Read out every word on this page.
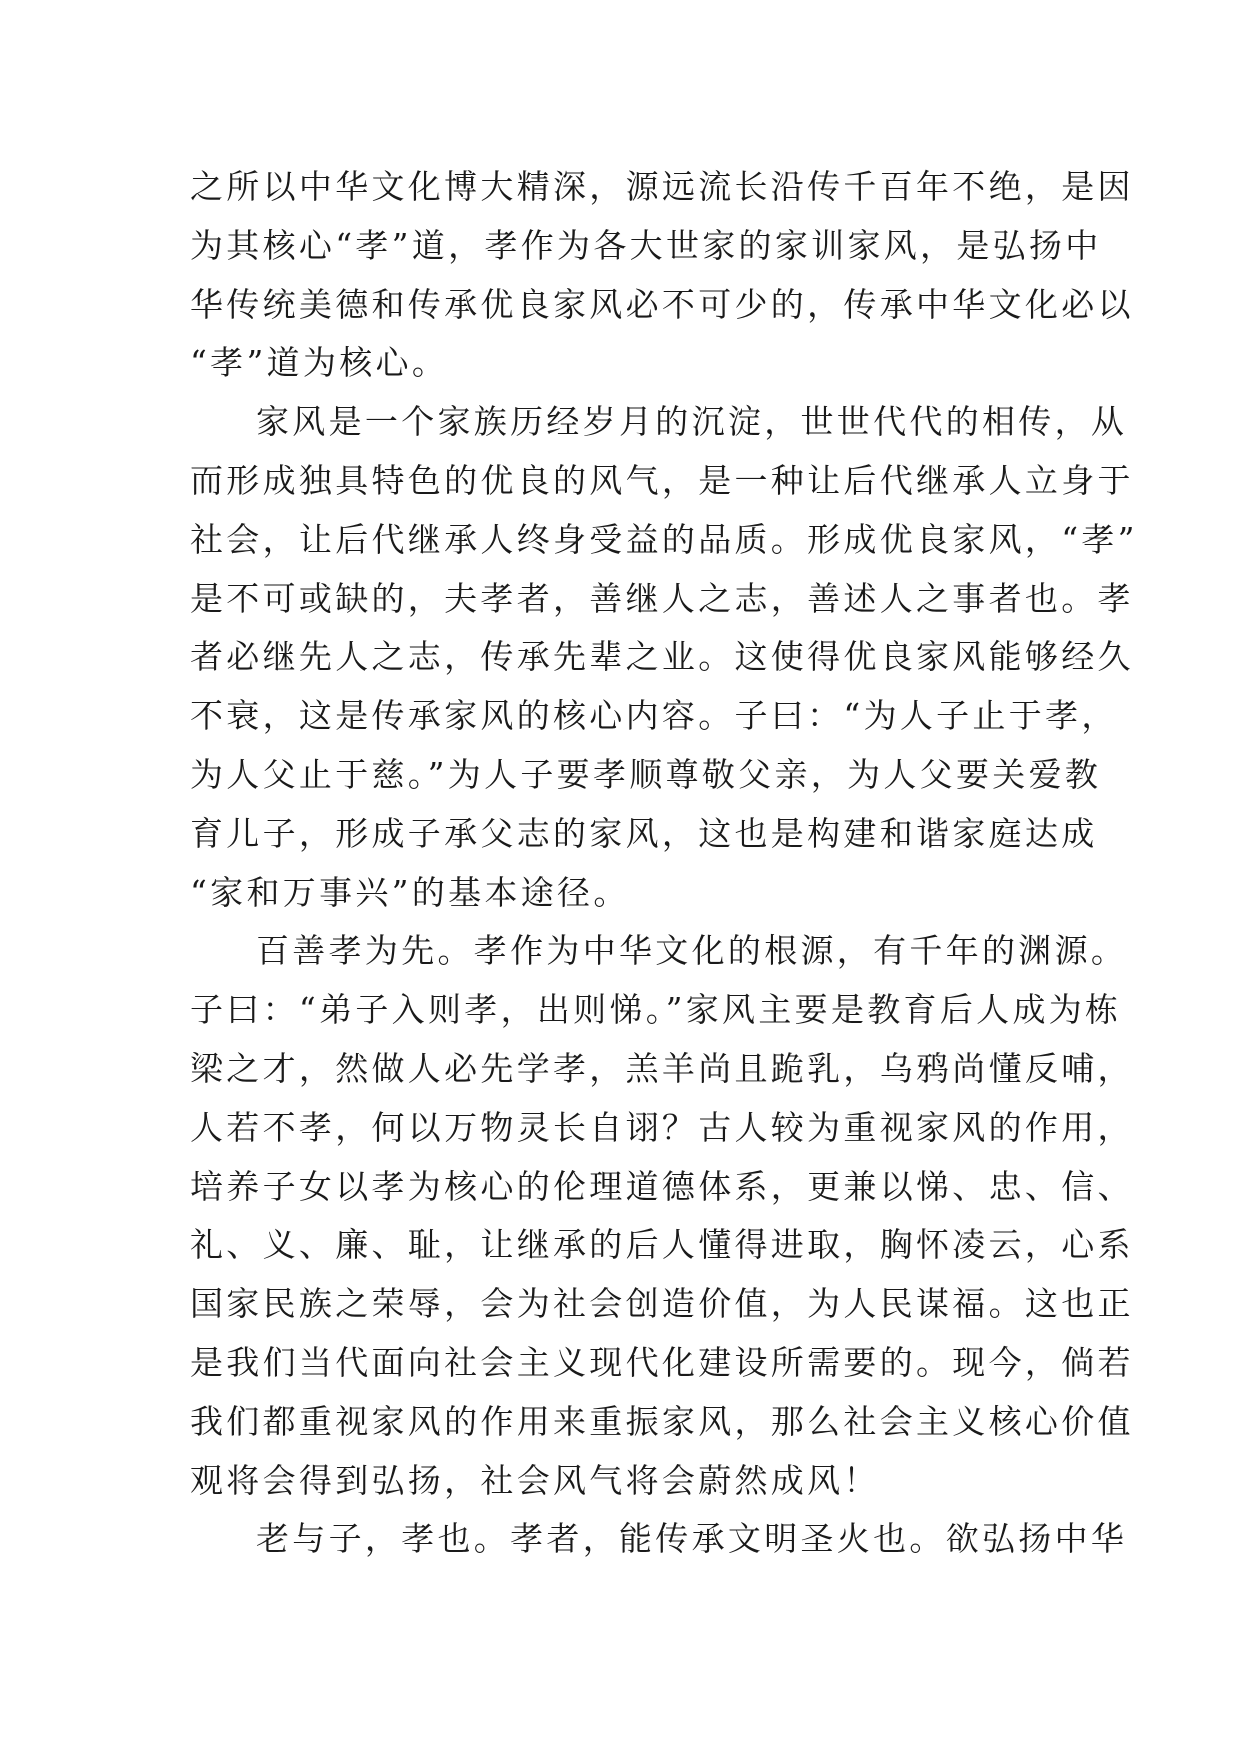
之所以中华文化博大精深，源远流长沿传千百年不绝，是因
为其核心“孝”道，孝作为各大世家的家训家风，是弘扬中
华传统美德和传承优良家风必不可少的，传承中华文化必以
“孝”道为核心。
家风是一个家族历经岁月的沉淀，世世代代的相传，从
而形成独具特色的优良的风气，是一种让后代继承人立身于
社会，让后代继承人终身受益的品质。形成优良家风，“孝”
是不可或缺的，夫孝者，善继人之志，善述人之事者也。孝
者必继先人之志，传承先辈之业。这使得优良家风能够经久
不衰，这是传承家风的核心内容。子曰：“为人子止于孝，
为人父止于慈。”为人子要孝顺尊敬父亲，为人父要关爱教
育儿子，形成子承父志的家风，这也是构建和谐家庭达成
“家和万事兴”的基本途径。
百善孝为先。孝作为中华文化的根源，有千年的渊源。
子曰：“弟子入则孝，出则悌。”家风主要是教育后人成为栋
梁之才，然做人必先学孝，羔羊尚且跪乳，乌鸦尚懂反哺，
人若不孝，何以万物灵长自诩？古人较为重视家风的作用，
培养子女以孝为核心的伦理道德体系，更兼以悌、忠、信、
礼、义、廉、耻，让继承的后人懂得进取，胸怀凌云，心系
国家民族之荣辱，会为社会创造价值，为人民谋福。这也正
是我们当代面向社会主义现代化建设所需要的。现今，倘若
我们都重视家风的作用来重振家风，那么社会主义核心价值
观将会得到弘扬，社会风气将会蔚然成风！
老与子，孝也。孝者，能传承文明圣火也。欲弘扬中华
